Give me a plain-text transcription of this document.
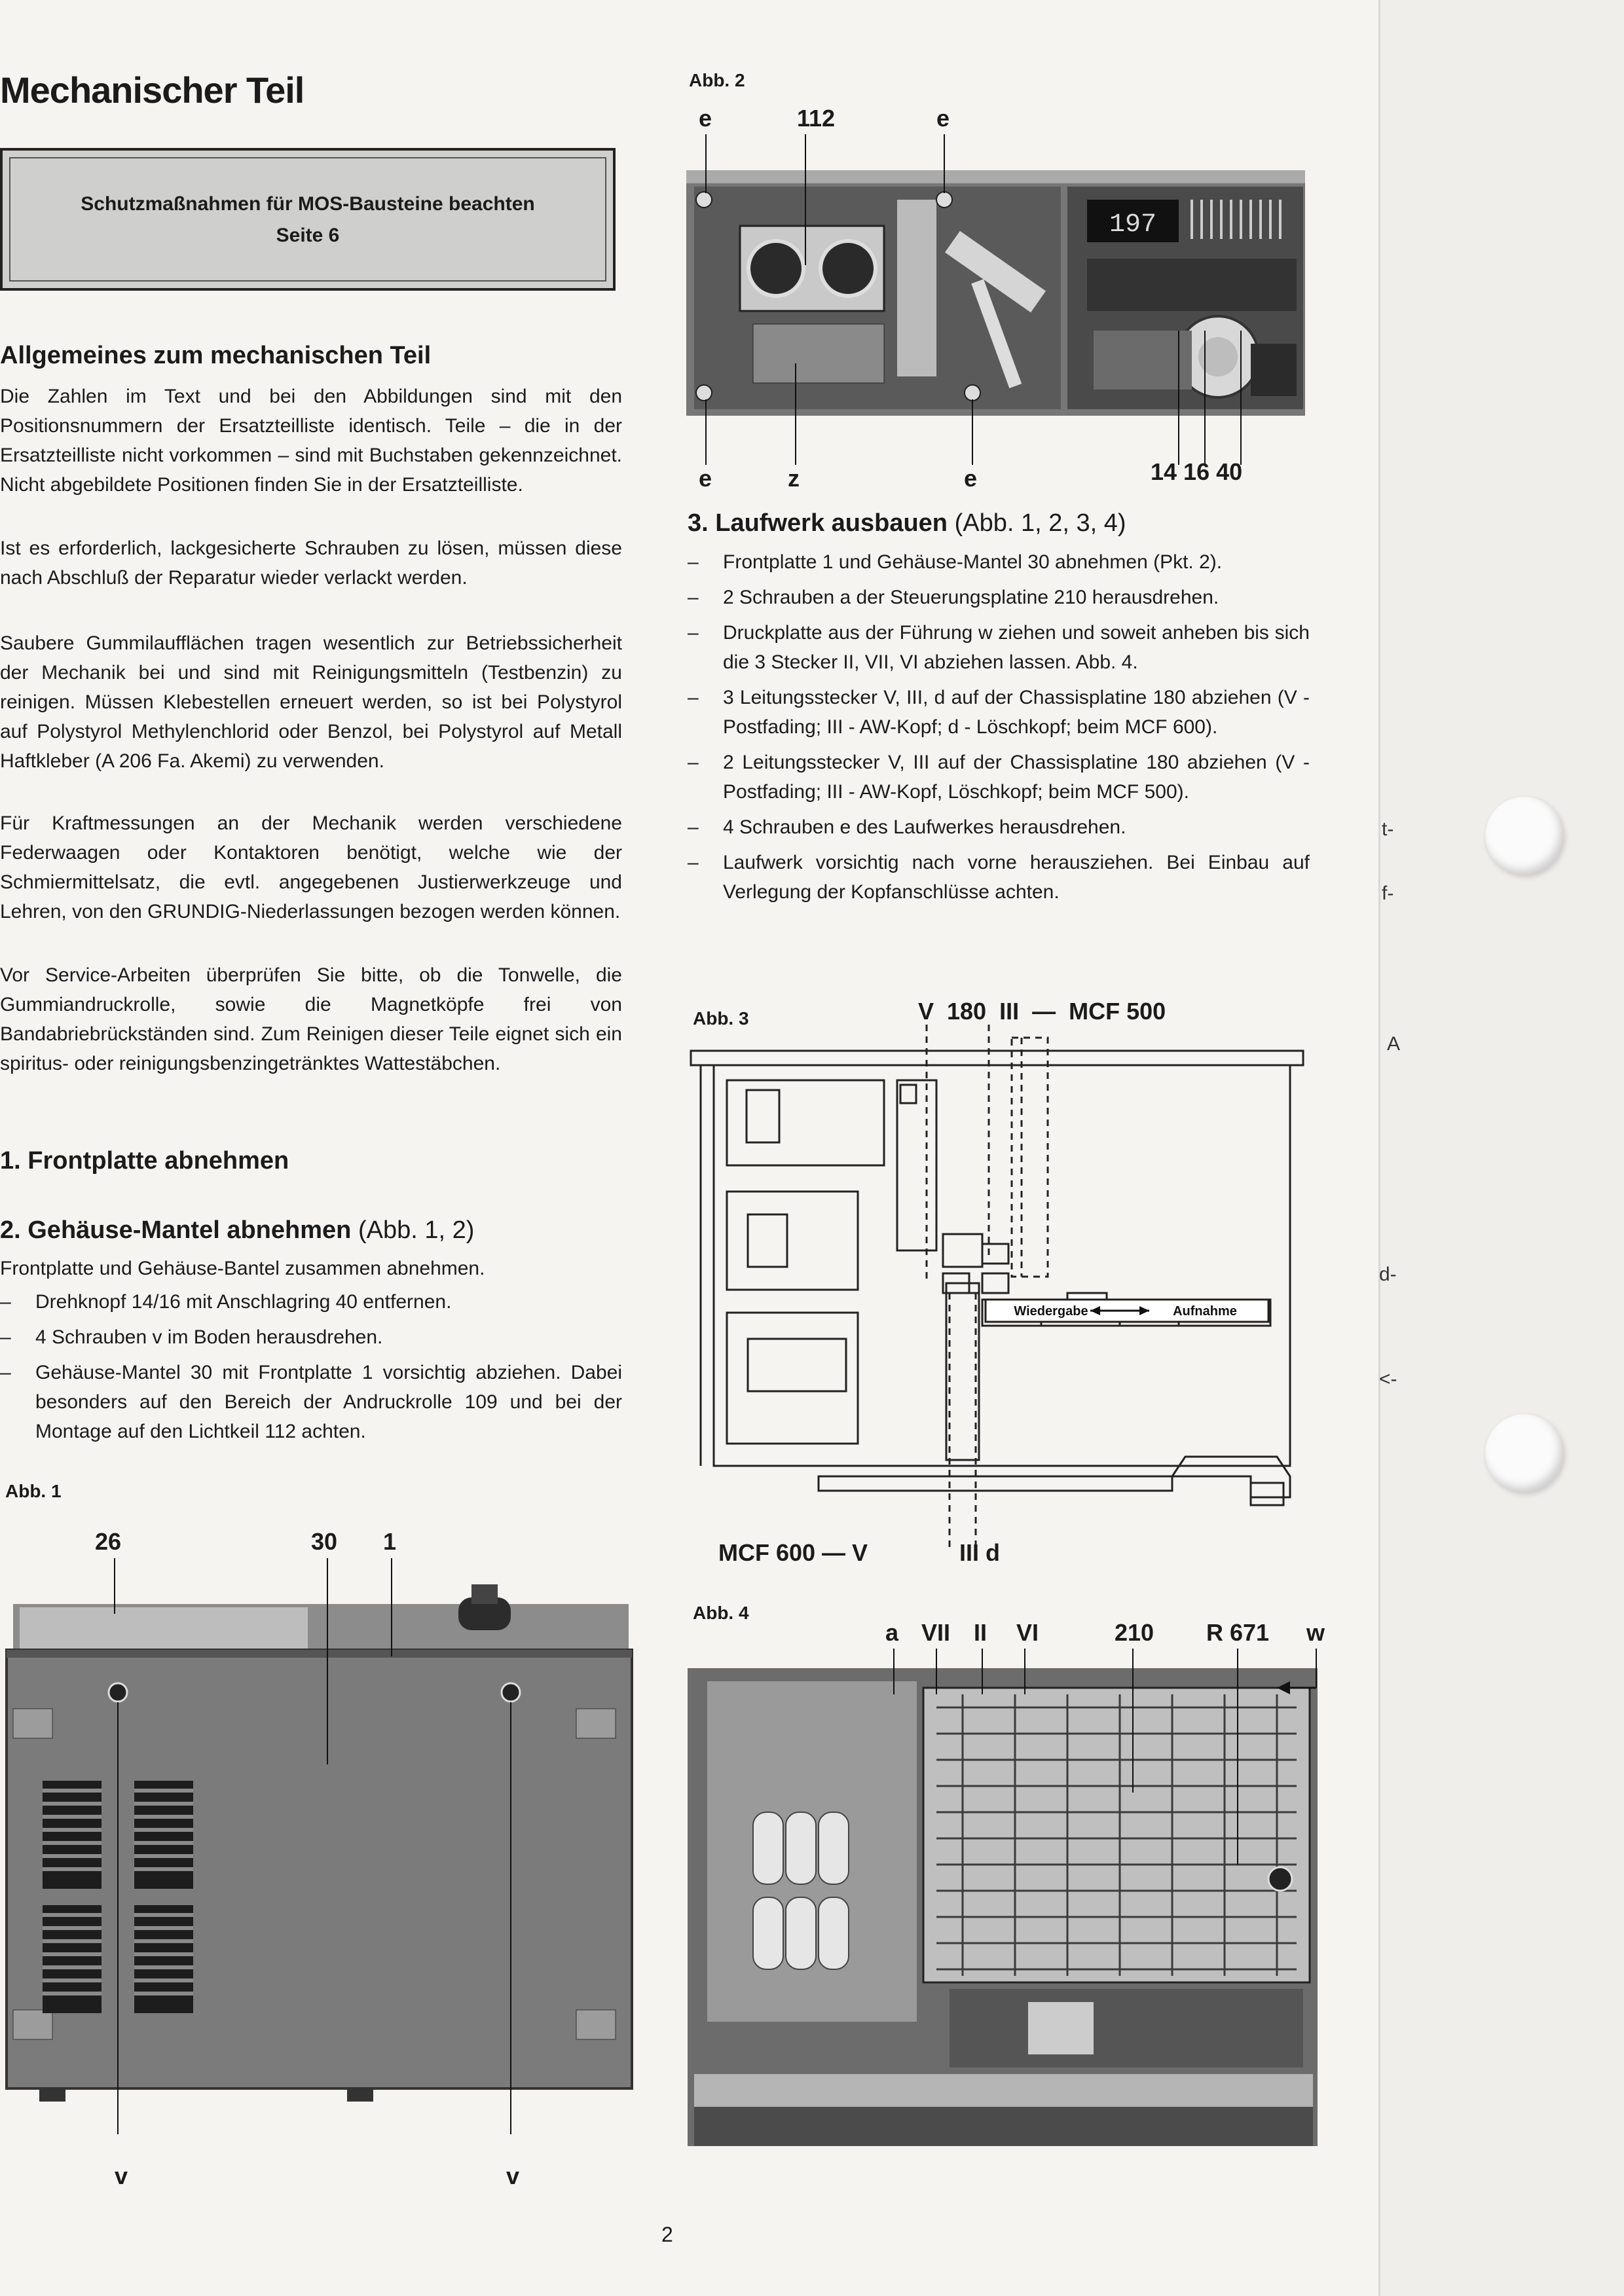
Mechanischer Teil

Schutzmaßnahmen für MOS-Bausteine beachten

Seite 6

Allgemeines zum mechanischen Teil

Die Zahlen im Text und bei den Abbildungen sind mit den Positionsnummern der Ersatzteilliste identisch. Teile – die in der Ersatzteilliste nicht vorkommen – sind mit Buchstaben gekennzeichnet. Nicht abgebildete Positionen finden Sie in der Ersatzteilliste.

Ist es erforderlich, lackgesicherte Schrauben zu lösen, müssen diese nach Abschluß der Reparatur wieder verlackt werden.

Saubere Gummilaufflächen tragen wesentlich zur Betriebssicherheit der Mechanik bei und sind mit Reinigungsmitteln (Testbenzin) zu reinigen. Müssen Klebestellen erneuert werden, so ist bei Polystyrol auf Polystyrol Methylenchlorid oder Benzol, bei Polystyrol auf Metall Haftkleber (A 206 Fa. Akemi) zu verwenden.

Für Kraftmessungen an der Mechanik werden verschiedene Federwaagen oder Kontaktoren benötigt, welche wie der Schmiermittelsatz, die evtl. angegebenen Justierwerkzeuge und Lehren, von den GRUNDIG-Niederlassungen bezogen werden können.

Vor Service-Arbeiten überprüfen Sie bitte, ob die Tonwelle, die Gummiandruckrolle, sowie die Magnetköpfe frei von Bandabriebrückständen sind. Zum Reinigen dieser Teile eignet sich ein spiritus- oder reinigungsbenzingetränktes Wattestäbchen.

1. Frontplatte abnehmen
2. Gehäuse-Mantel abnehmen (Abb. 1, 2)

Frontplatte und Gehäuse-Bantel zusammen abnehmen.

– Drehknopf 14/16 mit Anschlagring 40 entfernen.
– 4 Schrauben v im Boden herausdrehen.
– Gehäuse-Mantel 30 mit Frontplatte 1 vorsichtig abziehen. Dabei besonders auf den Bereich der Andruckrolle 109 und bei der Montage auf den Lichtkeil 112 achten.
Abb. 1
26	30 1
v	v
Abb. 2
e	112	e
197
e	z	e	14 16 40
3. Laufwerk ausbauen (Abb. 1, 2, 3, 4)
– Frontplatte 1 und Gehäuse-Mantel 30 abnehmen (Pkt. 2).
– 2 Schrauben a der Steuerungsplatine 210 herausdrehen.
– Druckplatte aus der Führung w ziehen und soweit anheben bis sich die 3 Stecker II, VII, VI abziehen lassen. Abb. 4.
– 3 Leitungsstecker V, III, d auf der Chassisplatine 180 abziehen (V - Postfading; III - AW-Kopf; d - Löschkopf; beim MCF 600).
– 2 Leitungsstecker V, III auf der Chassisplatine 180 abziehen (V - Postfading; III - AW-Kopf, Löschkopf; beim MCF 500).
– 4 Schrauben e des Laufwerkes herausdrehen.
– Laufwerk vorsichtig nach vorne herausziehen. Bei Einbau auf Verlegung der Kopfanschlüsse achten.
Abb. 3	V  180  III  —  MCF 500
Wiedergabe	Aufnahme
MCF 600 — V	III d
Abb. 4
a VII II VI	210 R 671 w
2
t-
f-
A
d-
<-
